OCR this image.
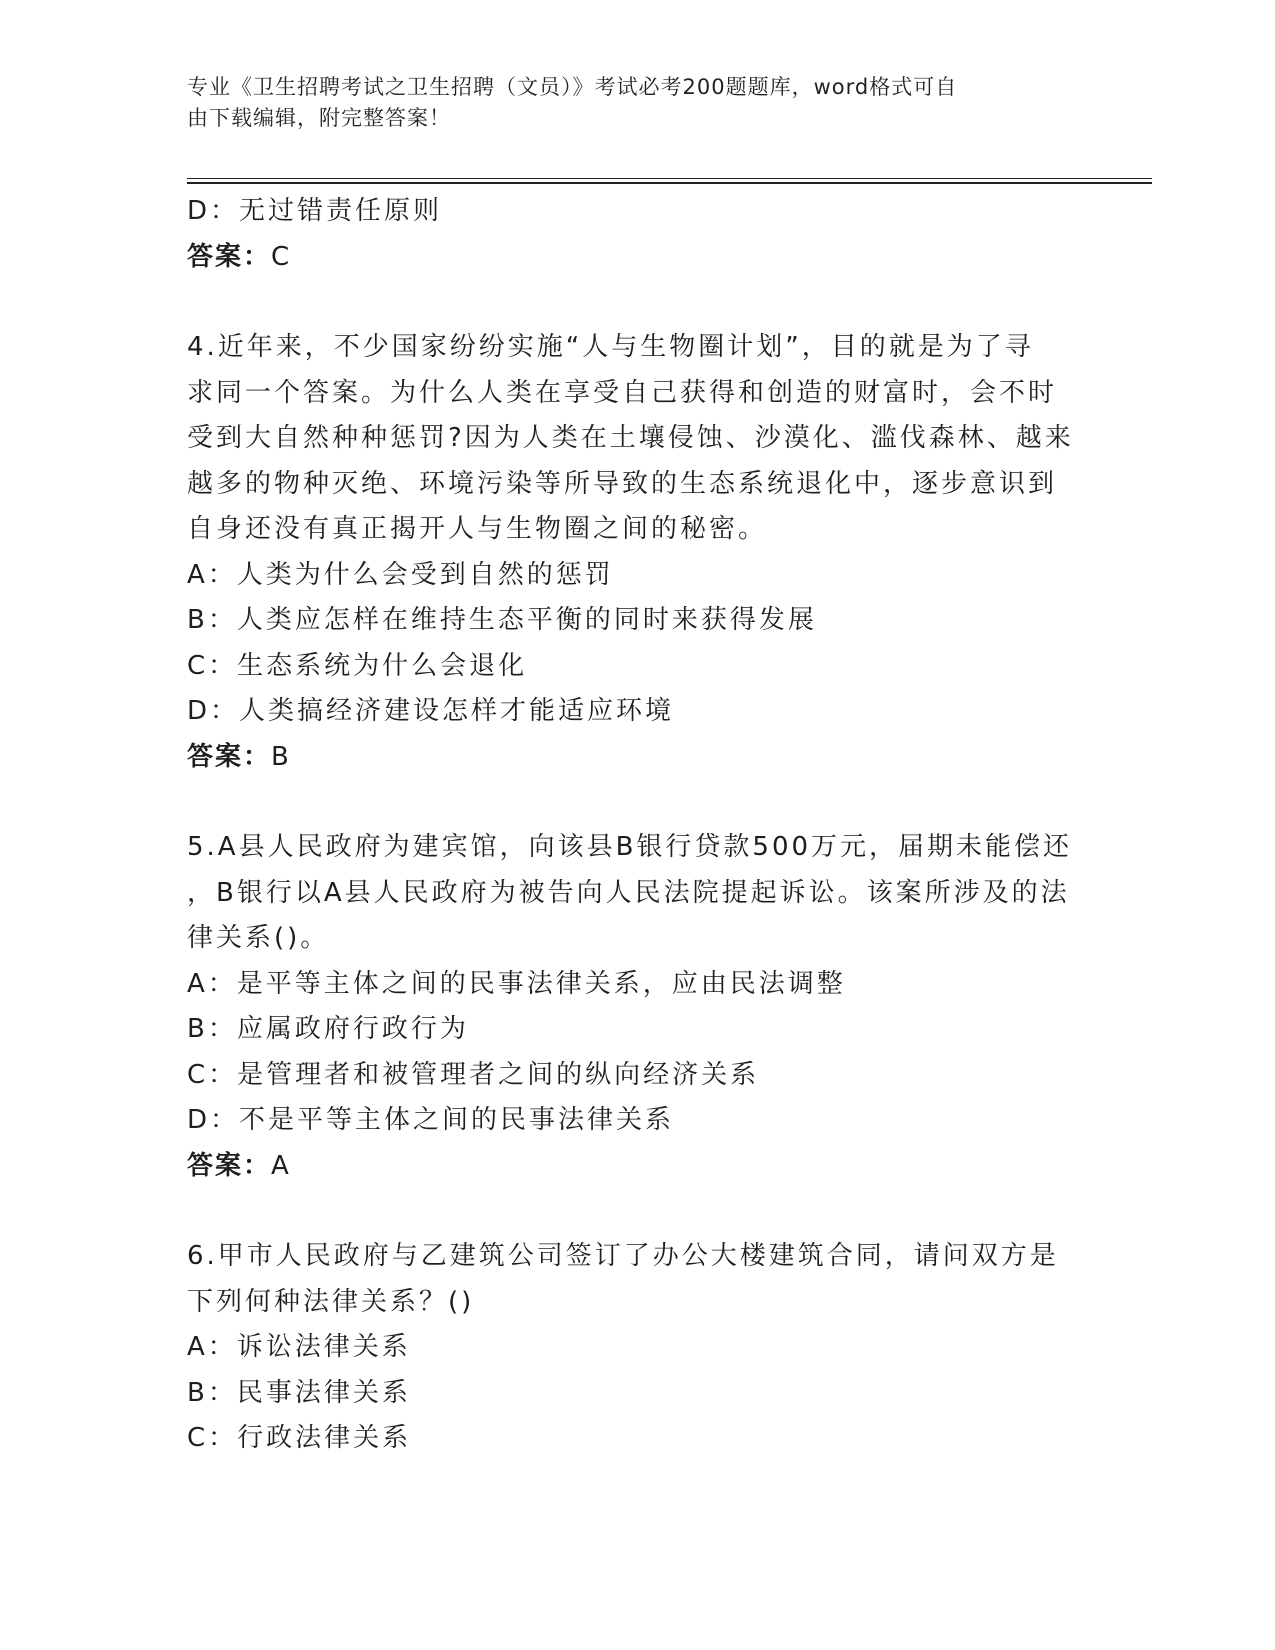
专业《卫生招聘考试之卫生招聘（文员）》考试必考200题题库，word格式可自
由下载编辑，附完整答案！
D：无过错责任原则
答案：C
4.近年来，不少国家纷纷实施“人与生物圈计划”，目的就是为了寻
求同一个答案。为什么人类在享受自己获得和创造的财富时，会不时
受到大自然种种惩罚?因为人类在土壤侵蚀、沙漠化、滥伐森林、越来
越多的物种灭绝、环境污染等所导致的生态系统退化中，逐步意识到
自身还没有真正揭开人与生物圈之间的秘密。
A：人类为什么会受到自然的惩罚
B：人类应怎样在维持生态平衡的同时来获得发展
C：生态系统为什么会退化
D：人类搞经济建设怎样才能适应环境
答案：B
5.A县人民政府为建宾馆，向该县B银行贷款500万元，届期未能偿还
，B银行以A县人民政府为被告向人民法院提起诉讼。该案所涉及的法
律关系()。
A：是平等主体之间的民事法律关系，应由民法调整
B：应属政府行政行为
C：是管理者和被管理者之间的纵向经济关系
D：不是平等主体之间的民事法律关系
答案：A
6.甲市人民政府与乙建筑公司签订了办公大楼建筑合同，请问双方是
下列何种法律关系？()
A：诉讼法律关系
B：民事法律关系
C：行政法律关系
